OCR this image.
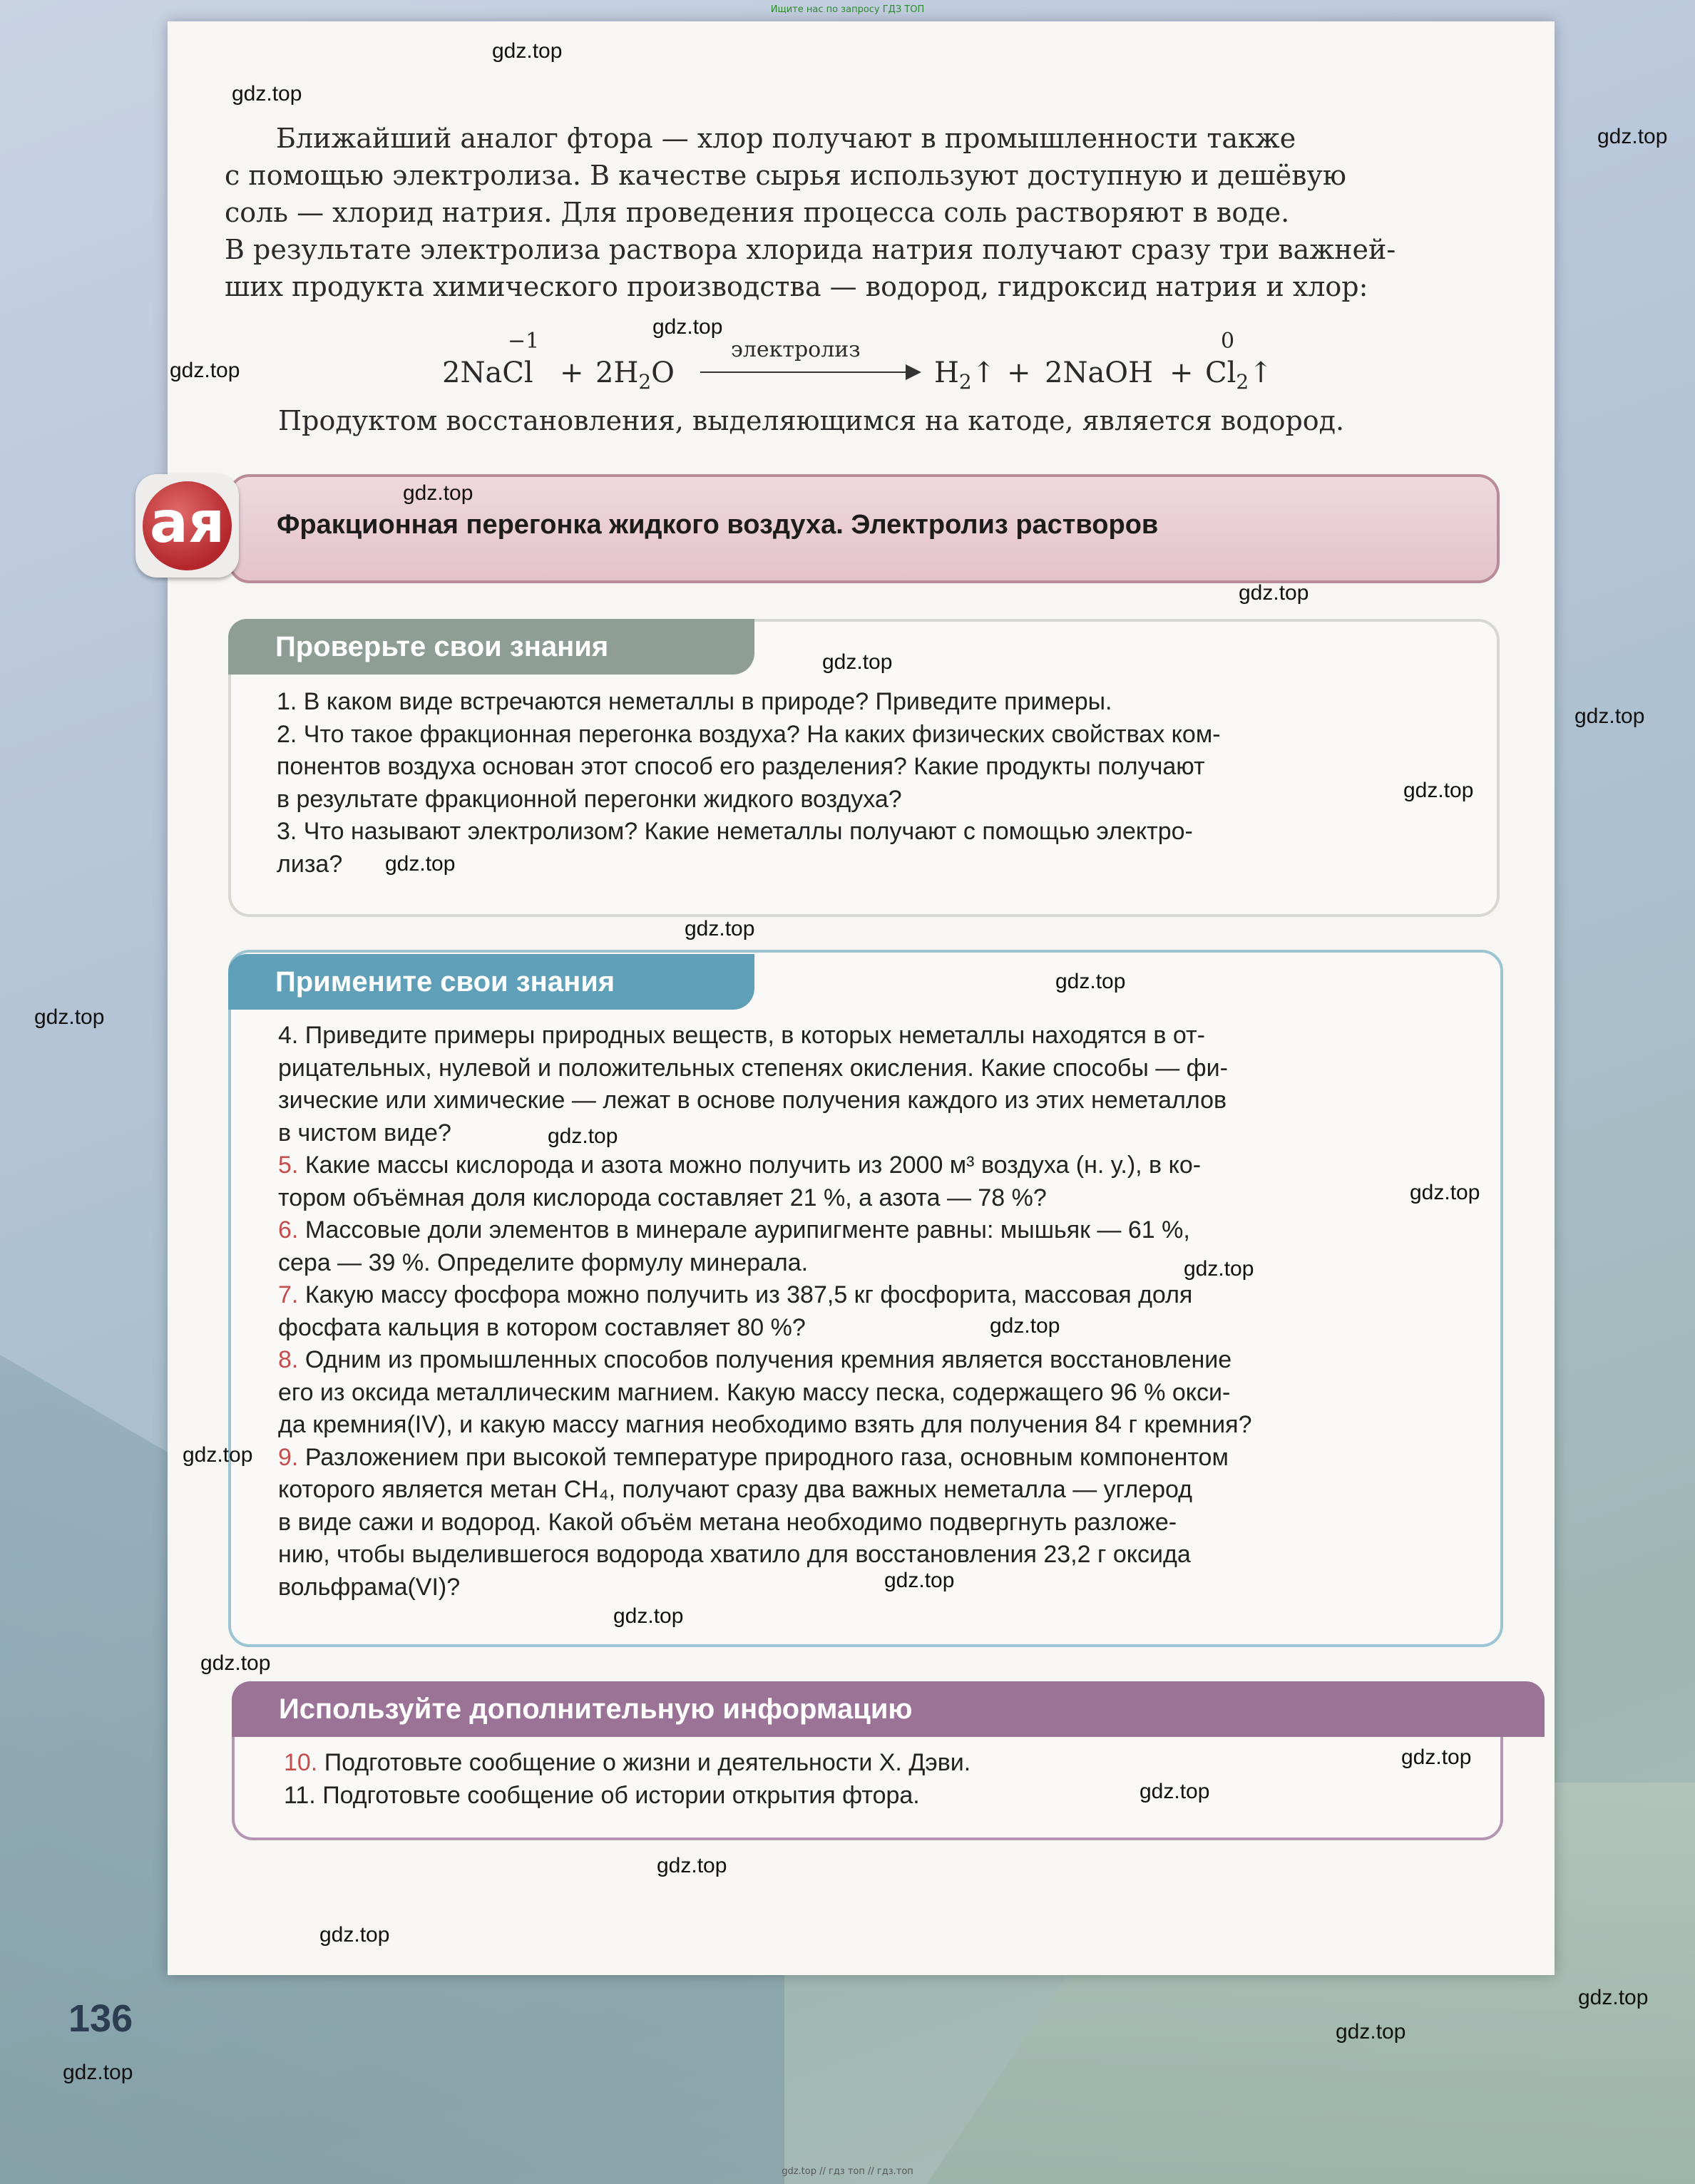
Ищите нас по запросу ГДЗ ТОП
Ближайший аналог фтора — хлор получают в промышленности также
с помощью электролиза. В качестве сырья используют доступную и дешёвую
соль — хлорид натрия. Для проведения процесса соль растворяют в воде.
В результате электролиза раствора хлорида натрия получают сразу три важней-
ших продукта химического производства — водород, гидроксид натрия и хлор:
−1	0
2NaCl + $2H_2O$
электролиз
$H_2↑$ + 2NaOH + $Cl_2↑$
Продуктом восстановления, выделяющимся на катоде, является водород.
ая Фракционная перегонка жидкого воздуха. Электролиз растворов
Проверьте свои знания

1. В каком виде встречаются неметаллы в природе? Приведите примеры.

2. Что такое фракционная перегонка воздуха? На каких физических свойствах ком-

понентов воздуха основан этот способ его разделения? Какие продукты получают

в результате фракционной перегонки жидкого воздуха?

3. Что называют электролизом? Какие неметаллы получают с помощью электро-

лиза?

Примените свои знания

4. Приведите примеры природных веществ, в которых неметаллы находятся в от-

рицательных, нулевой и положительных степенях окисления. Какие способы — фи-

зические или химические — лежат в основе получения каждого из этих неметаллов

в чистом виде?

5. Какие массы кислорода и азота можно получить из 2000 м³ воздуха (н. у.), в ко-

тором объёмная доля кислорода составляет 21 %, а азота — 78 %?

6. Массовые доли элементов в минерале аурипигменте равны: мышьяк — 61 %,

сера — 39 %. Определите формулу минерала.

7. Какую массу фосфора можно получить из 387,5 кг фосфорита, массовая доля

фосфата кальция в котором составляет 80 %?

8. Одним из промышленных способов получения кремния является восстановление

его из оксида металлическим магнием. Какую массу песка, содержащего 96 % окси-

да кремния(IV), и какую массу магния необходимо взять для получения 84 г кремния?

9. Разложением при высокой температуре природного газа, основным компонентом

которого является метан CH₄, получают сразу два важных неметалла — углерод

в виде сажи и водород. Какой объём метана необходимо подвергнуть разложе-

нию, чтобы выделившегося водорода хватило для восстановления 23,2 г оксида

вольфрама(VI)?

Используйте дополнительную информацию

10. Подготовьте сообщение о жизни и деятельности Х. Дэви.

11. Подготовьте сообщение об истории открытия фтора.

136
gdz.top
gdz.top
gdz.top
gdz.top
gdz.top
gdz.top
gdz.top
gdz.top
gdz.top
gdz.top
gdz.top
gdz.top
gdz.top
gdz.top
gdz.top
gdz.top
gdz.top
gdz.top
gdz.top
gdz.top
gdz.top
gdz.top
gdz.top
gdz.top
gdz.top
gdz.top
gdz.top
gdz.top
gdz.top
gdz.top // гдз топ // гдз.топ
